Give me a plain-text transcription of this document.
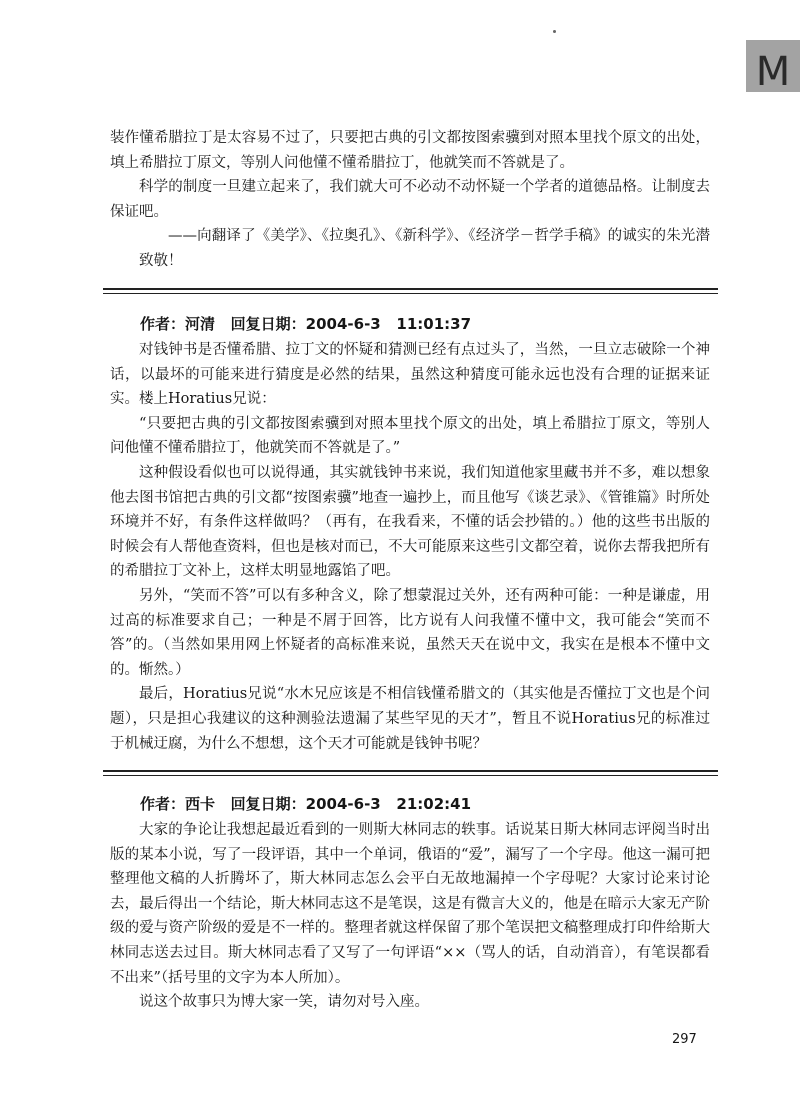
M

装作懂希腊拉丁是太容易不过了，只要把古典的引文都按图索骥到对照本里找个原文的出处，填上希腊拉丁原文，等别人问他懂不懂希腊拉丁，他就笑而不答就是了。

科学的制度一旦建立起来了，我们就大可不必动不动怀疑一个学者的道德品格。让制度去保证吧。

——向翻译了《美学》、《拉奥孔》、《新科学》、《经济学－哲学手稿》的诚实的朱光潜致敬！

作者：河清   回复日期：2004-6-3   11:01:37

对钱钟书是否懂希腊、拉丁文的怀疑和猜测已经有点过头了，当然，一旦立志破除一个神话，以最坏的可能来进行猜度是必然的结果，虽然这种猜度可能永远也没有合理的证据来证实。楼上Horatius兄说：

“只要把古典的引文都按图索骥到对照本里找个原文的出处，填上希腊拉丁原文，等别人问他懂不懂希腊拉丁，他就笑而不答就是了。”

这种假设看似也可以说得通，其实就钱钟书来说，我们知道他家里藏书并不多，难以想象他去图书馆把古典的引文都“按图索骥”地查一遍抄上，而且他写《谈艺录》、《管锥篇》时所处环境并不好，有条件这样做吗？（再有，在我看来，不懂的话会抄错的。）他的这些书出版的时候会有人帮他查资料，但也是核对而已，不大可能原来这些引文都空着，说你去帮我把所有的希腊拉丁文补上，这样太明显地露馅了吧。

另外，“笑而不答”可以有多种含义，除了想蒙混过关外，还有两种可能：一种是谦虚，用过高的标准要求自己；一种是不屑于回答，比方说有人问我懂不懂中文，我可能会“笑而不答”的。（当然如果用网上怀疑者的高标准来说，虽然天天在说中文，我实在是根本不懂中文的。惭然。）

最后，Horatius兄说“水木兄应该是不相信钱懂希腊文的（其实他是否懂拉丁文也是个问题），只是担心我建议的这种测验法遗漏了某些罕见的天才”，暂且不说Horatius兄的标准过于机械迂腐，为什么不想想，这个天才可能就是钱钟书呢？

作者：西卡   回复日期：2004-6-3   21:02:41

大家的争论让我想起最近看到的一则斯大林同志的轶事。话说某日斯大林同志评阅当时出版的某本小说，写了一段评语，其中一个单词，俄语的“爱”，漏写了一个字母。他这一漏可把整理他文稿的人折腾坏了，斯大林同志怎么会平白无故地漏掉一个字母呢？大家讨论来讨论去，最后得出一个结论，斯大林同志这不是笔误，这是有微言大义的，他是在暗示大家无产阶级的爱与资产阶级的爱是不一样的。整理者就这样保留了那个笔误把文稿整理成打印件给斯大林同志送去过目。斯大林同志看了又写了一句评语“××（骂人的话，自动消音），有笔误都看不出来”（括号里的文字为本人所加）。

说这个故事只为博大家一笑，请勿对号入座。

297
